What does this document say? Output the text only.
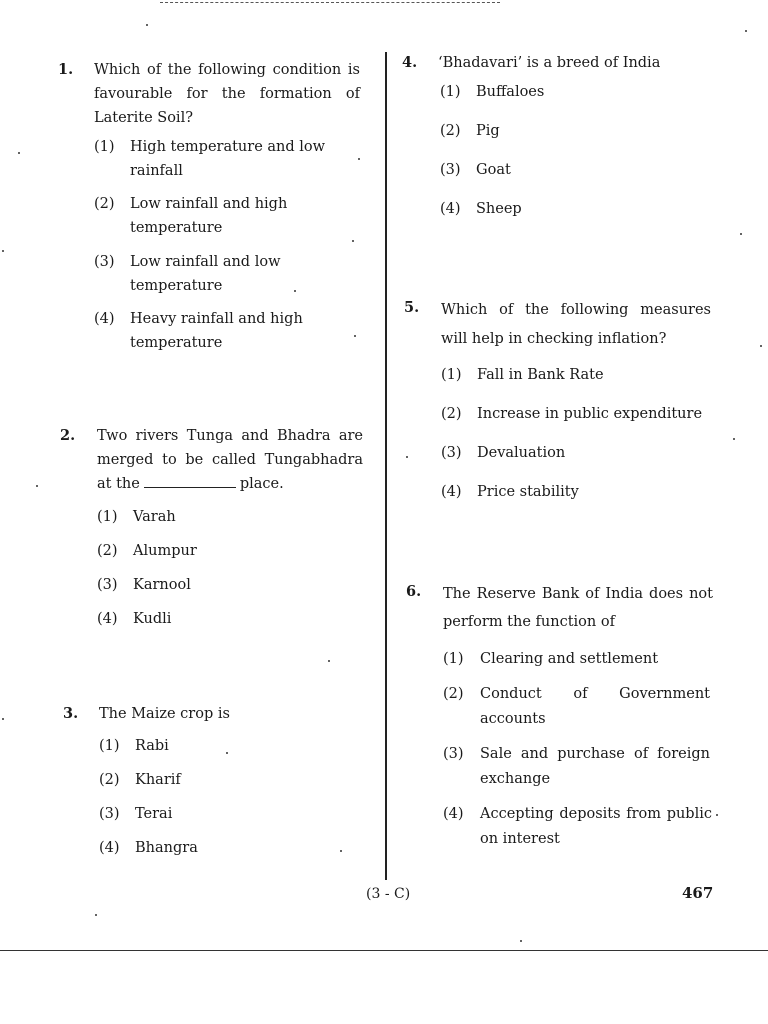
1. Which of the following condition is favourable for the formation of Laterite Soil?
(1) High temperature and low rainfall
(2) Low rainfall and high temperature
(3) Low rainfall and low temperature
(4) Heavy rainfall and high temperature
2. Two rivers Tunga and Bhadra are merged to be called Tungabhadra at the	place.
(1) Varah
(2) Alumpur
(3) Karnool
(4) Kudli
3. The Maize crop is
(1) Rabi
(2) Kharif
(3) Terai
(4) Bhangra
4. ‘Bhadavari’ is a breed of India
(1) Buffaloes
(2) Pig
(3) Goat
(4) Sheep
5. Which of the following measures will help in checking inflation?
(1) Fall in Bank Rate
(2) Increase in public expenditure
(3) Devaluation
(4) Price stability
6. The Reserve Bank of India does not perform the function of
(1) Clearing and settlement
(2) Conduct of Government accounts
(3) Sale and purchase of foreign exchange
(4) Accepting deposits from public on interest
(3 - C)	467
